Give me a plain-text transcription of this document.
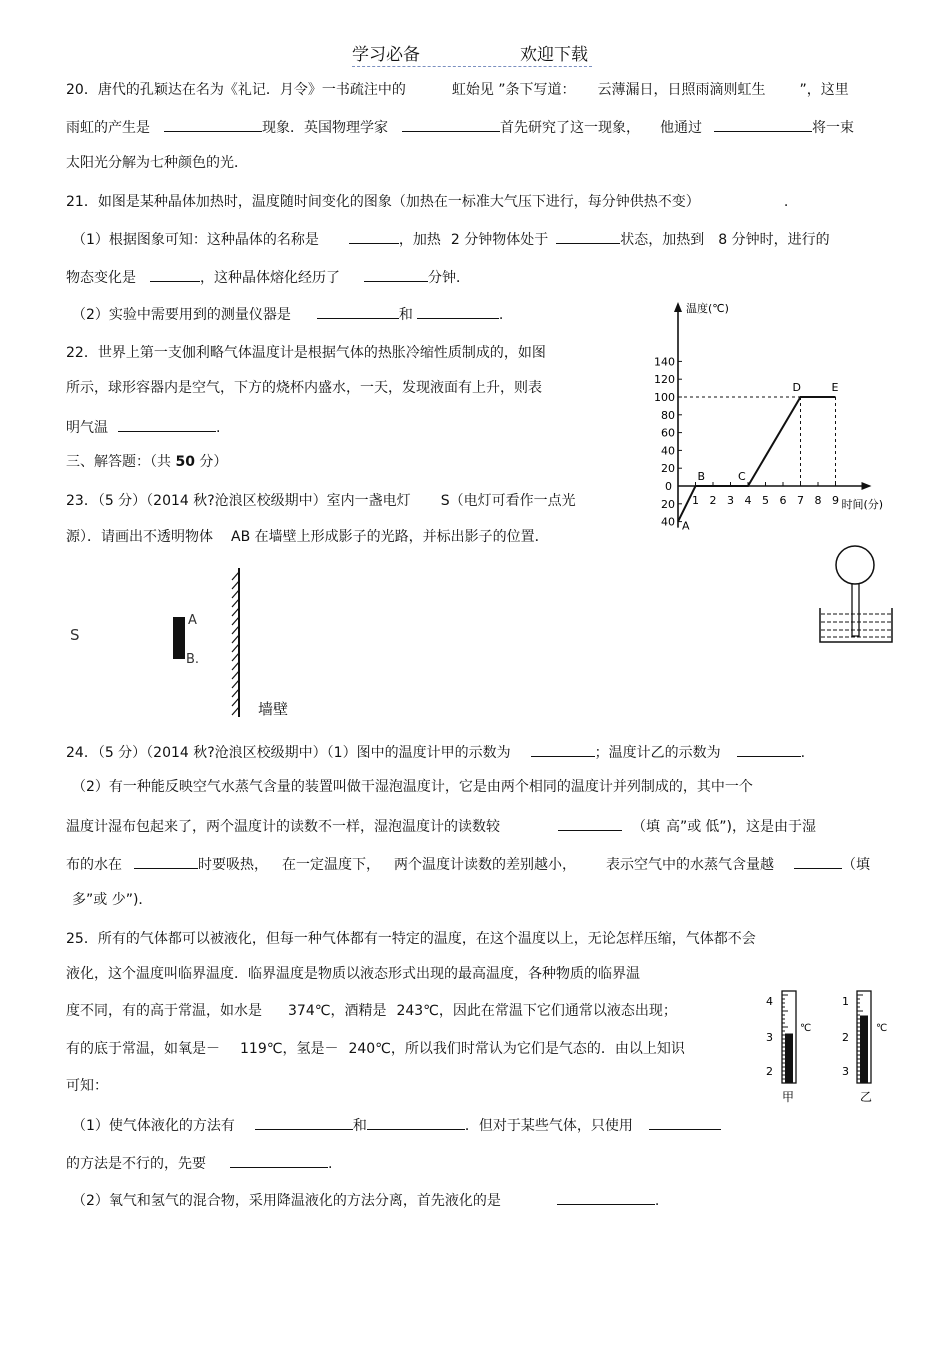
学习必备	欢迎下载
20．唐代的孔颖达在名为《礼记．月令》一书疏注中的	虹始见 ”条下写道： 云薄漏日，日照雨滴则虹生 ”，这里
雨虹的产生是	现象．英国物理学家	首先研究了这一现象， 他通过	将一束
太阳光分解为七种颜色的光．
21．如图是某种晶体加热时，温度随时间变化的图象（加热在一标准大气压下进行，每分钟供热不变）	.
（1）根据图象可知：这种晶体的名称是	，加热 2 分钟物体处于	状态，加热到 8 分钟时，进行的
物态变化是	，这种晶体熔化经历了	分钟．
（2）实验中需要用到的测量仪器是	和	.
22．世界上第一支伽利略气体温度计是根据气体的热胀冷缩性质制成的，如图
所示，球形容器内是空气，下方的烧杯内盛水，一天，发现液面有上升，则表
明气温	.
三、解答题：（共 50 分）
23．（5 分）（2014 秋?沧浪区校级期中）室内一盏电灯 S（电灯可看作一点光
源）．请画出不透明物体 AB 在墙壁上形成影子的光路，并标出影子的位置．
S
A
B.
墙壁
温度(℃)
时间(分)
140
120
100
80
60
40
20
20
40
0
1 2 3 4 5 6 7 8 9
A
B	C
D	E
24．（5 分）（2014 秋?沧浪区校级期中）（1）图中的温度计甲的示数为	；温度计乙的示数为	.
（2）有一种能反映空气水蒸气含量的装置叫做干湿泡温度计，它是由两个相同的温度计并列制成的，其中一个
温度计湿布包起来了，两个温度计的读数不一样，湿泡温度计的读数较	（填 高”或 低”)，这是由于湿
布的水在	时要吸热， 在一定温度下， 两个温度计读数的差别越小， 表示空气中的水蒸气含量越	（填
多”或 少”)．
25．所有的气体都可以被液化，但每一种气体都有一特定的温度，在这个温度以上，无论怎样压缩，气体都不会
液化，这个温度叫临界温度．临界温度是物质以液态形式出现的最高温度，各种物质的临界温
度不同，有的高于常温，如水是 374℃，酒精是 243℃，因此在常温下它们通常以液态出现；
有的底于常温，如氧是－ 119℃，氢是－ 240℃，所以我们时常认为它们是气态的．由以上知识
可知：
（1）使气体液化的方法有	和	．但对于某些气体，只使用
的方法是不行的，先要	.
（2）氧气和氢气的混合物，采用降温液化的方法分离，首先液化的是	.
4
3
2
℃
甲
1
2
3
℃
乙
